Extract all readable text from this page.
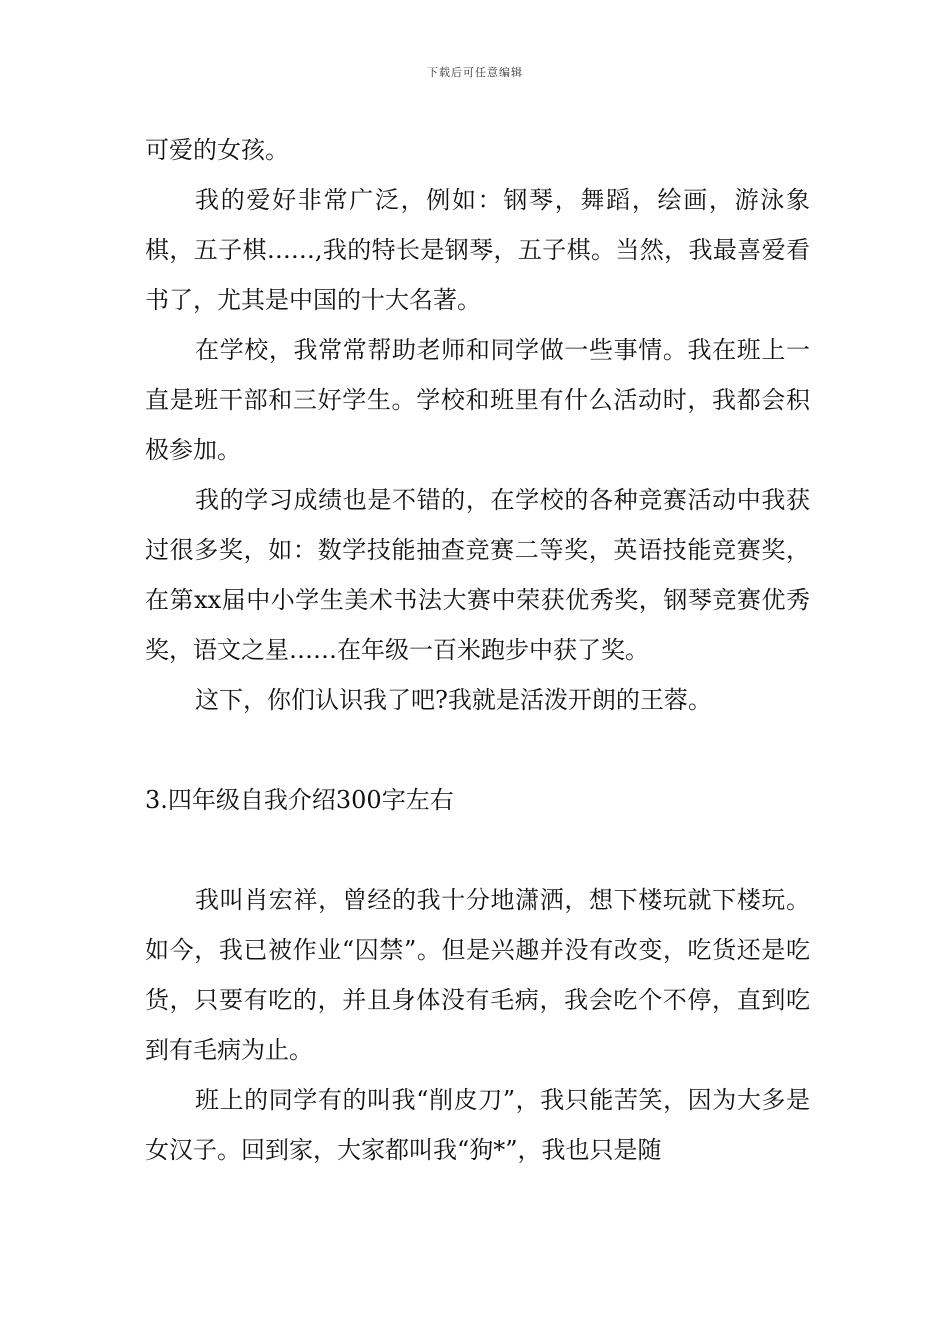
下载后可任意编辑

可爱的女孩。

我的爱好非常广泛，例如：钢琴，舞蹈，绘画，游泳象棋，五子棋……,我的特长是钢琴，五子棋。当然，我最喜爱看书了，尤其是中国的十大名著。

在学校，我常常帮助老师和同学做一些事情。我在班上一直是班干部和三好学生。学校和班里有什么活动时，我都会积极参加。

我的学习成绩也是不错的，在学校的各种竞赛活动中我获过很多奖，如：数学技能抽查竞赛二等奖，英语技能竞赛奖，在第xx届中小学生美术书法大赛中荣获优秀奖，钢琴竞赛优秀奖，语文之星……在年级一百米跑步中获了奖。

这下，你们认识我了吧?我就是活泼开朗的王蓉。

3.四年级自我介绍300字左右

我叫肖宏祥，曾经的我十分地潇洒，想下楼玩就下楼玩。如今，我已被作业“囚禁”。但是兴趣并没有改变，吃货还是吃货，只要有吃的，并且身体没有毛病，我会吃个不停，直到吃到有毛病为止。

班上的同学有的叫我“削皮刀”，我只能苦笑，因为大多是女汉子。回到家，大家都叫我“狗*”，我也只是随
